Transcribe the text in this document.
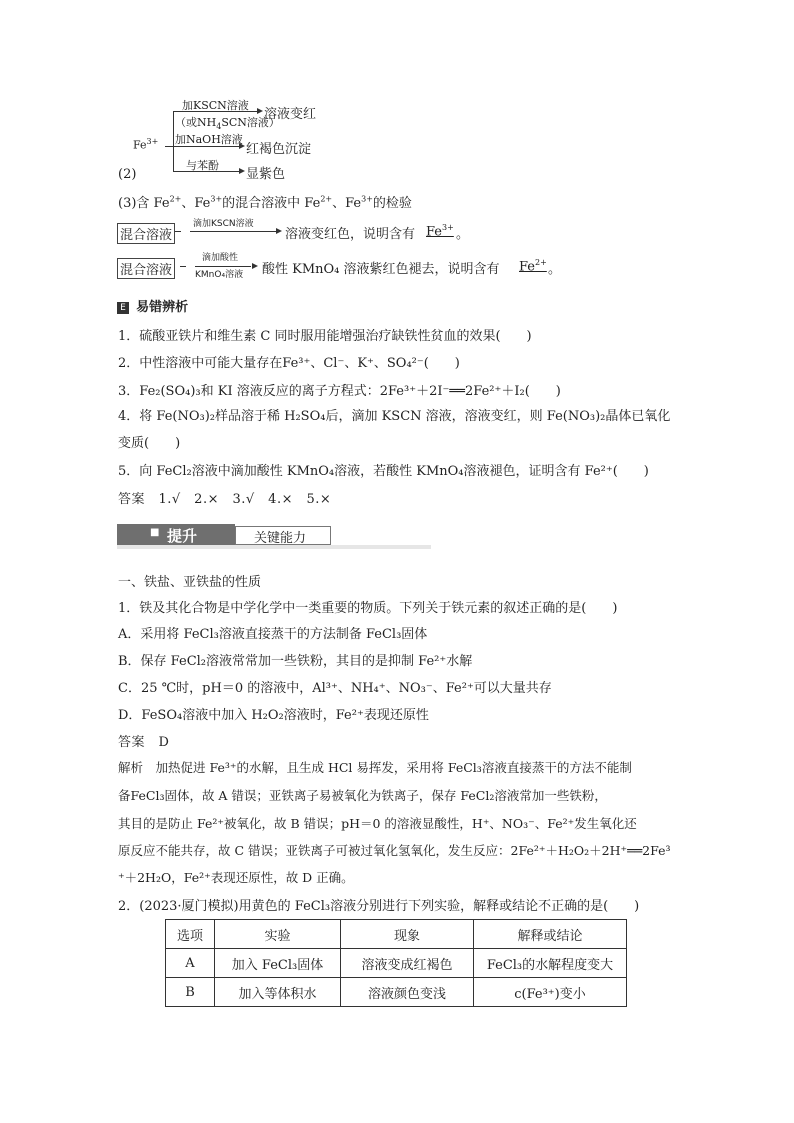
$Fe^{3+}$
加KSCN溶液
（或$NH_4SCN$溶液）
溶液变红
加NaOH溶液
红褐色沉淀
与苯酚
显紫色
(2)
(3)含 $Fe^{2+}$、$Fe^{3+}$的混合溶液中 $Fe^{2+}$、$Fe^{3+}$的检验
混合溶液
滴加KSCN溶液
溶液变红色，说明含有 $Fe^{3+}$ 。
混合溶液
滴加酸性
KMnO₄溶液 酸性 KMnO₄ 溶液紫红色褪去，说明含有 $Fe^{2+}$ 。
E 易错辨析
1．硫酸亚铁片和维生素 C 同时服用能增强治疗缺铁性贫血的效果(　　)
2．中性溶液中可能大量存在Fe³⁺、Cl⁻、K⁺、SO₄²⁻(　　)
3．Fe₂(SO₄)₃和 KI 溶液反应的离子方程式：2Fe³⁺＋2I⁻══2Fe²⁺＋I₂(　　)
4．将 Fe(NO₃)₂样品溶于稀 H₂SO₄后，滴加 KSCN 溶液，溶液变红，则 Fe(NO₃)₂晶体已氧化
变质(　　)
5．向 FeCl₂溶液中滴加酸性 KMnO₄溶液，若酸性 KMnO₄溶液褪色，证明含有 Fe²⁺(　　)
答案　1.√　2.×　3.√　4.×　5.×
■ 提升	关键能力
一、铁盐、亚铁盐的性质
1．铁及其化合物是中学化学中一类重要的物质。下列关于铁元素的叙述正确的是(　　)
A．采用将 FeCl₃溶液直接蒸干的方法制备 FeCl₃固体
B．保存 FeCl₂溶液常常加一些铁粉，其目的是抑制 Fe²⁺水解
C．25 ℃时，pH＝0 的溶液中，Al³⁺、NH₄⁺、NO₃⁻、Fe²⁺可以大量共存
D．FeSO₄溶液中加入 H₂O₂溶液时，Fe²⁺表现还原性
答案　D
解析　加热促进 Fe³⁺的水解，且生成 HCl 易挥发，采用将 FeCl₃溶液直接蒸干的方法不能制
备FeCl₃固体，故 A 错误；亚铁离子易被氧化为铁离子，保存 FeCl₂溶液常加一些铁粉，
其目的是防止 Fe²⁺被氧化，故 B 错误；pH＝0 的溶液显酸性，H⁺、NO₃⁻、Fe²⁺发生氧化还
原反应不能共存，故 C 错误；亚铁离子可被过氧化氢氧化，发生反应：2Fe²⁺＋H₂O₂＋2H⁺══2Fe³
⁺＋2H₂O，Fe²⁺表现还原性，故 D 正确。
2．(2023·厦门模拟)用黄色的 FeCl₃溶液分别进行下列实验，解释或结论不正确的是(　　)
选项	实验	现象	解释或结论
A	加入 FeCl₃固体	溶液变成红褐色	FeCl₃的水解程度变大
B	加入等体积水	溶液颜色变浅	c(Fe³⁺)变小
